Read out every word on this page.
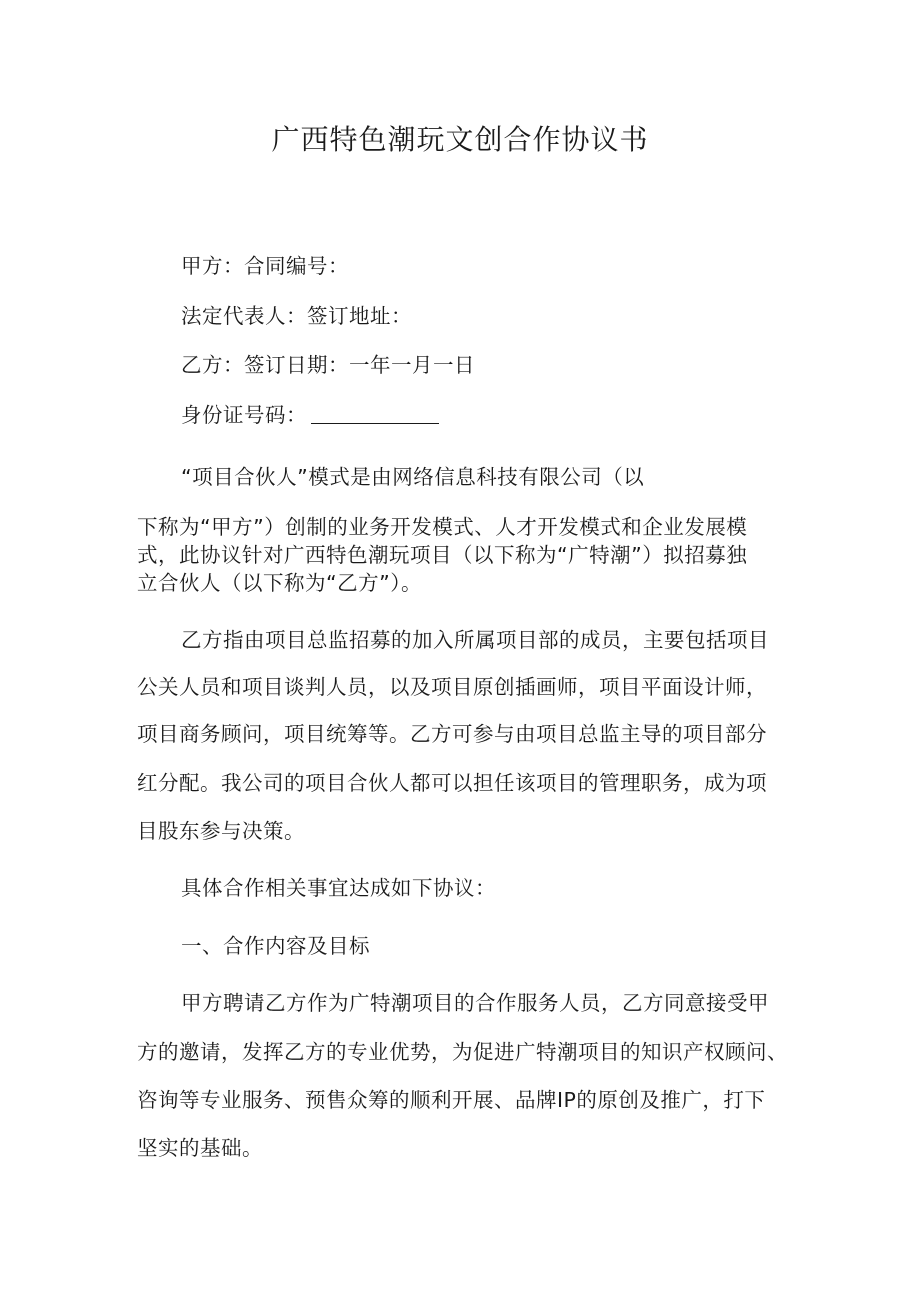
广西特色潮玩文创合作协议书

甲方：合同编号：

法定代表人：签订地址：

乙方：签订日期：一年一月一日

身份证号码：

“项目合伙人”模式是由网络信息科技有限公司（以

下称为“甲方”）创制的业务开发模式、人才开发模式和企业发展模

式，此协议针对广西特色潮玩项目（以下称为“广特潮”）拟招募独

立合伙人（以下称为“乙方”）。

乙方指由项目总监招募的加入所属项目部的成员，主要包括项目

公关人员和项目谈判人员，以及项目原创插画师，项目平面设计师，

项目商务顾问，项目统筹等。乙方可参与由项目总监主导的项目部分

红分配。我公司的项目合伙人都可以担任该项目的管理职务，成为项

目股东参与决策。

具体合作相关事宜达成如下协议：

一、合作内容及目标

甲方聘请乙方作为广特潮项目的合作服务人员，乙方同意接受甲

方的邀请，发挥乙方的专业优势，为促进广特潮项目的知识产权顾问、

咨询等专业服务、预售众筹的顺利开展、品牌IP的原创及推广，打下

坚实的基础。
